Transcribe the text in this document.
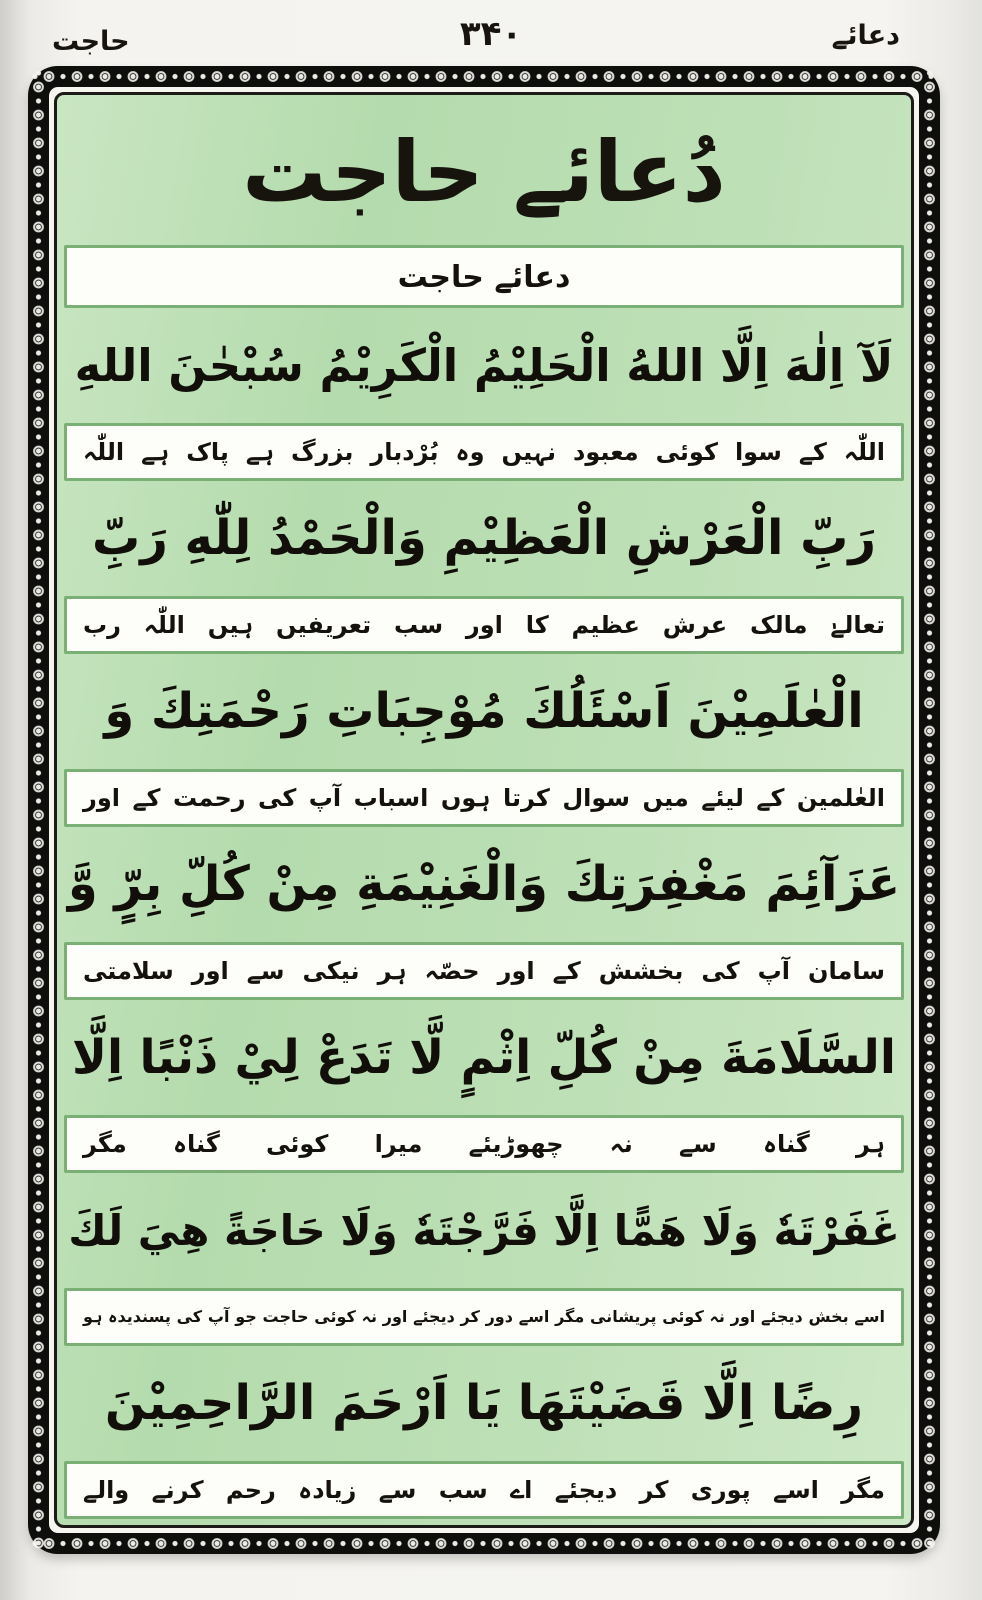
حاجت	۳۴۰	دعائے
دُعائے حاجت
دعائے حاجت
لَآ اِلٰهَ اِلَّا اللهُ الْحَلِيْمُ الْكَرِيْمُ سُبْحٰنَ اللهِ
اللّٰہ کے سوا کوئی معبود نہیں وہ بُرْدبار بزرگ ہے پاک ہے اللّٰہ
رَبِّ الْعَرْشِ الْعَظِيْمِ وَالْحَمْدُ لِلّٰهِ رَبِّ
تعالےٰ مالک عرش عظیم کا اور سب تعریفیں ہیں اللّٰہ رب
الْعٰلَمِيْنَ اَسْئَلُكَ مُوْجِبَاتِ رَحْمَتِكَ وَ
العٰلمین کے لیئے میں سوال کرتا ہوں اسباب آپ کی رحمت کے اور
عَزَآئِمَ مَغْفِرَتِكَ وَالْغَنِيْمَةِ مِنْ كُلِّ بِرٍّ وَّ
سامان آپ کی بخشش کے اور حصّہ ہر نیکی سے اور سلامتی
السَّلَامَةَ مِنْ كُلِّ اِثْمٍ لَّا تَدَعْ لِيْ ذَنْبًا اِلَّا
ہر گناہ سے نہ چھوڑیئے میرا کوئی گناہ مگر
غَفَرْتَهٗ وَلَا هَمًّا اِلَّا فَرَّجْتَهٗ وَلَا حَاجَةً هِيَ لَكَ
اسے بخش دیجئے اور نہ کوئی پریشانی مگر اسے دور کر دیجئے اور نہ کوئی حاجت جو آپ کی پسندیدہ ہو
رِضًا اِلَّا قَضَيْتَهَا يَا اَرْحَمَ الرَّاحِمِيْنَ
مگر اسے پوری کر دیجئے اے سب سے زیادہ رحم کرنے والے
